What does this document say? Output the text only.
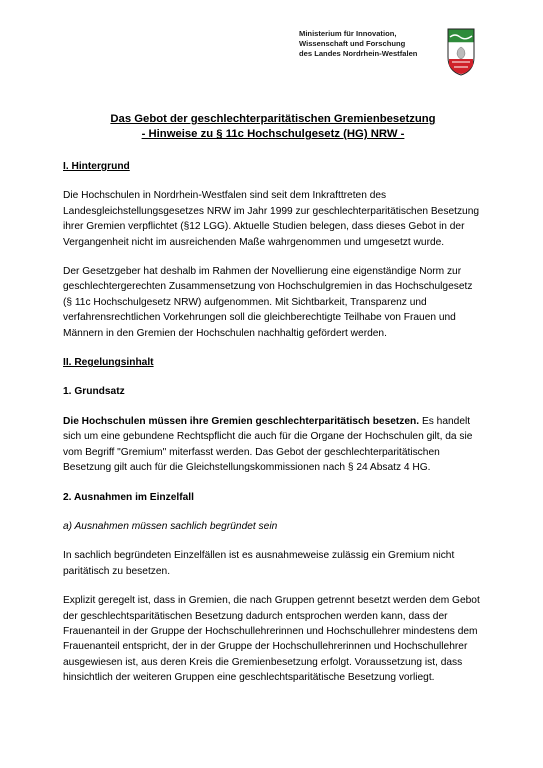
Ministerium für Innovation,
Wissenschaft und Forschung
des Landes Nordrhein-Westfalen
Das Gebot der geschlechterparitätischen Gremienbesetzung
- Hinweise zu § 11c Hochschulgesetz (HG) NRW -

I. Hintergrund

Die Hochschulen in Nordrhein-Westfalen sind seit dem Inkrafttreten des Landesgleichstellungsgesetzes NRW im Jahr 1999 zur geschlechterparitätischen Besetzung ihrer Gremien verpflichtet (§12 LGG). Aktuelle Studien belegen, dass dieses Gebot in der Vergangenheit nicht im ausreichenden Maße wahrgenommen und umgesetzt wurde.

Der Gesetzgeber hat deshalb im Rahmen der Novellierung eine eigenständige Norm zur geschlechtergerechten Zusammensetzung von Hochschulgremien in das Hochschulgesetz (§ 11c Hochschulgesetz NRW) aufgenommen. Mit Sichtbarkeit, Transparenz und verfahrensrechtlichen Vorkehrungen soll die gleichberechtigte Teilhabe von Frauen und Männern in den Gremien der Hochschulen nachhaltig gefördert werden.

II. Regelungsinhalt

1. Grundsatz

Die Hochschulen müssen ihre Gremien geschlechterparitätisch besetzen. Es handelt sich um eine gebundene Rechtspflicht die auch für die Organe der Hochschulen gilt, da sie vom Begriff "Gremium" miterfasst werden. Das Gebot der geschlechterparitätischen Besetzung gilt auch für die Gleichstellungskommissionen nach § 24 Absatz 4 HG.

2. Ausnahmen im Einzelfall

a) Ausnahmen müssen sachlich begründet sein

In sachlich begründeten Einzelfällen ist es ausnahmeweise zulässig ein Gremium nicht paritätisch zu besetzen.

Explizit geregelt ist, dass in Gremien, die nach Gruppen getrennt besetzt werden dem Gebot der geschlechtsparitätischen Besetzung dadurch entsprochen werden kann, dass der Frauenanteil in der Gruppe der Hochschullehrerinnen und Hochschullehrer mindestens dem Frauenanteil entspricht, der in der Gruppe der Hochschullehrerinnen und Hochschullehrer ausgewiesen ist, aus deren Kreis die Gremienbesetzung erfolgt. Voraussetzung ist, dass hinsichtlich der weiteren Gruppen eine geschlechtsparitätische Besetzung vorliegt.
